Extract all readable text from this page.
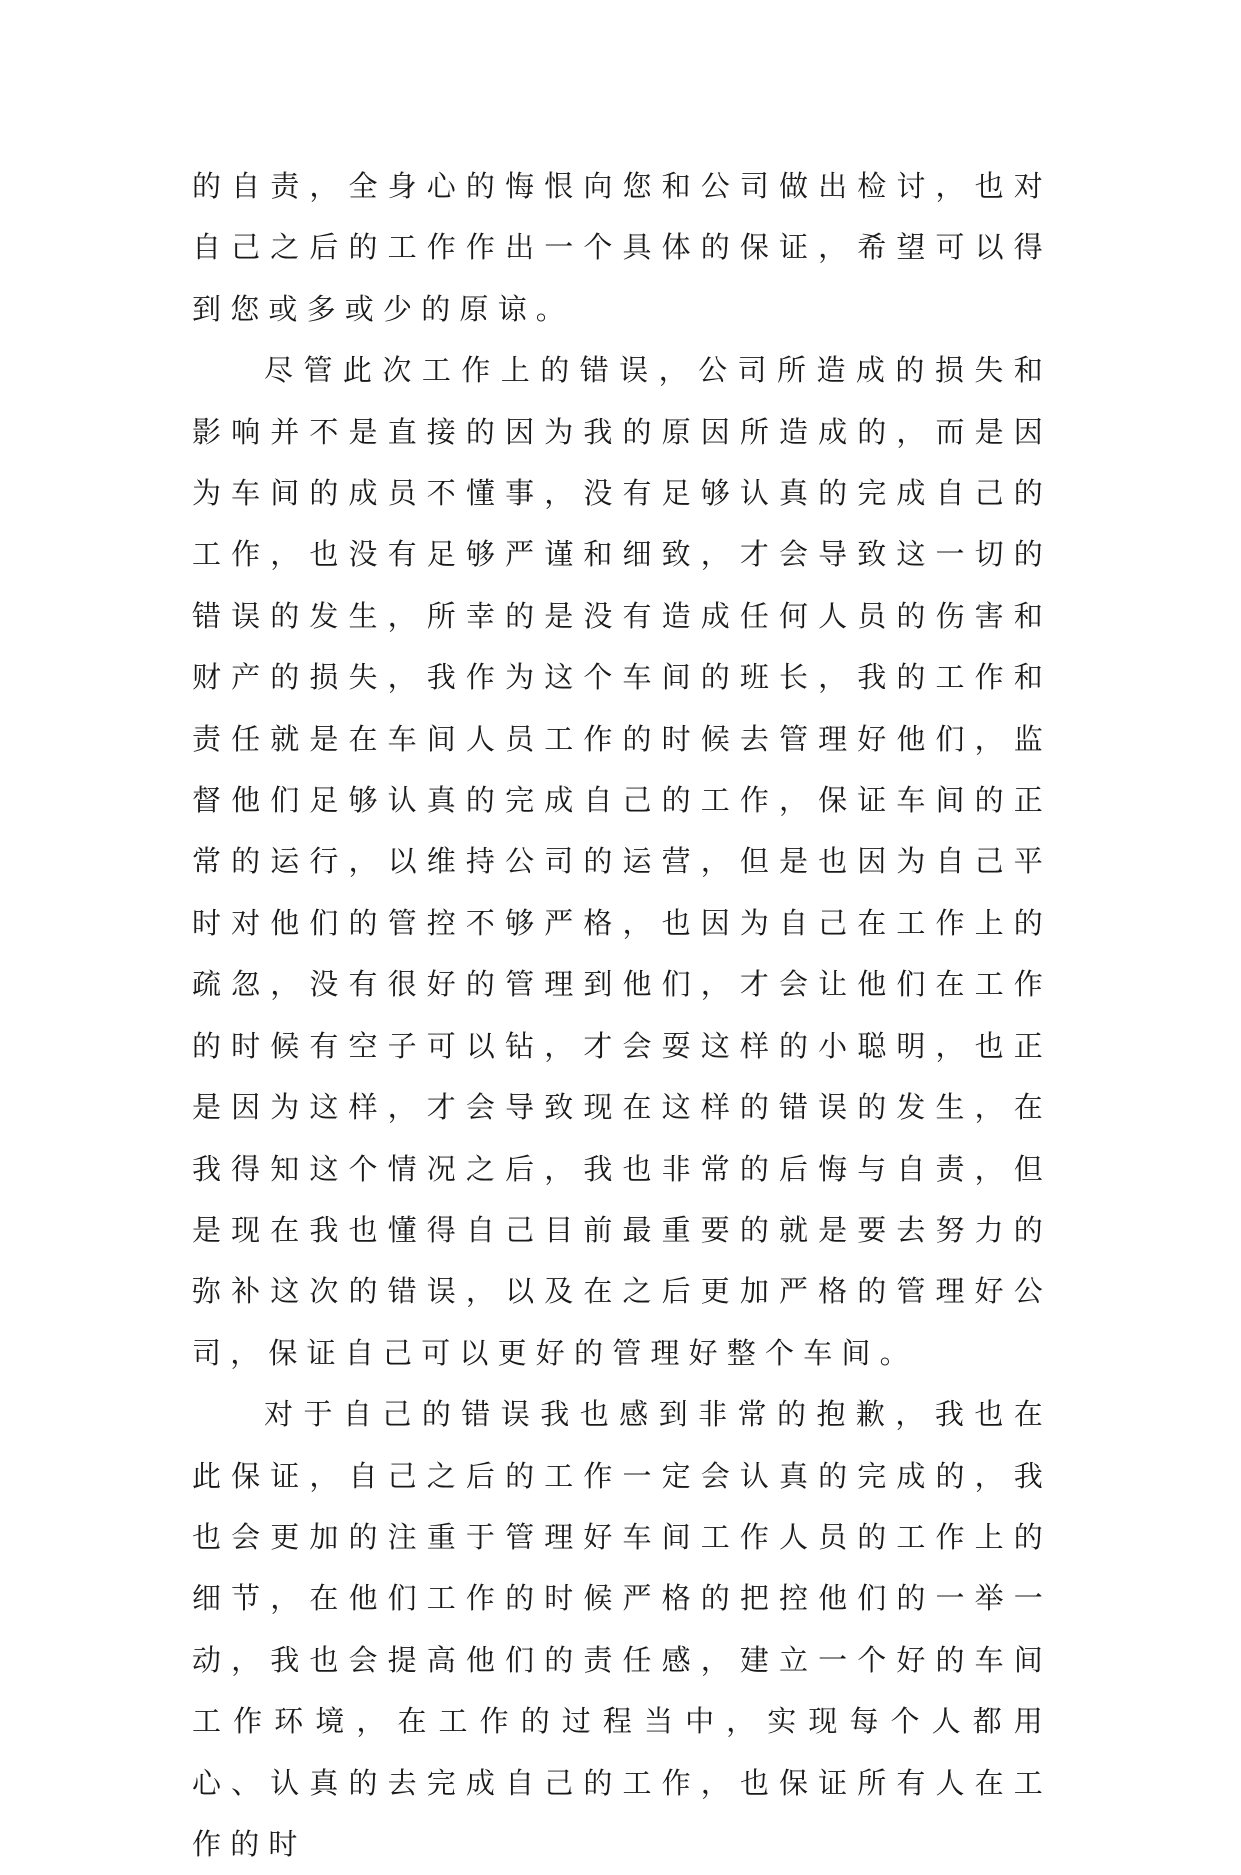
的自责，全身心的悔恨向您和公司做出检讨，也对自己之后的工作作出一个具体的保证，希望可以得到您或多或少的原谅。

尽管此次工作上的错误，公司所造成的损失和影响并不是直接的因为我的原因所造成的，而是因为车间的成员不懂事，没有足够认真的完成自己的工作，也没有足够严谨和细致，才会导致这一切的错误的发生，所幸的是没有造成任何人员的伤害和财产的损失，我作为这个车间的班长，我的工作和责任就是在车间人员工作的时候去管理好他们，监督他们足够认真的完成自己的工作，保证车间的正常的运行，以维持公司的运营，但是也因为自己平时对他们的管控不够严格，也因为自己在工作上的疏忽，没有很好的管理到他们，才会让他们在工作的时候有空子可以钻，才会耍这样的小聪明，也正是因为这样，才会导致现在这样的错误的发生，在我得知这个情况之后，我也非常的后悔与自责，但是现在我也懂得自己目前最重要的就是要去努力的弥补这次的错误，以及在之后更加严格的管理好公司，保证自己可以更好的管理好整个车间。

对于自己的错误我也感到非常的抱歉，我也在此保证，自己之后的工作一定会认真的完成的，我也会更加的注重于管理好车间工作人员的工作上的细节，在他们工作的时候严格的把控他们的一举一动，我也会提高他们的责任感，建立一个好的车间工作环境，在工作的过程当中，实现每个人都用心、认真的去完成自己的工作，也保证所有人在工作的时
